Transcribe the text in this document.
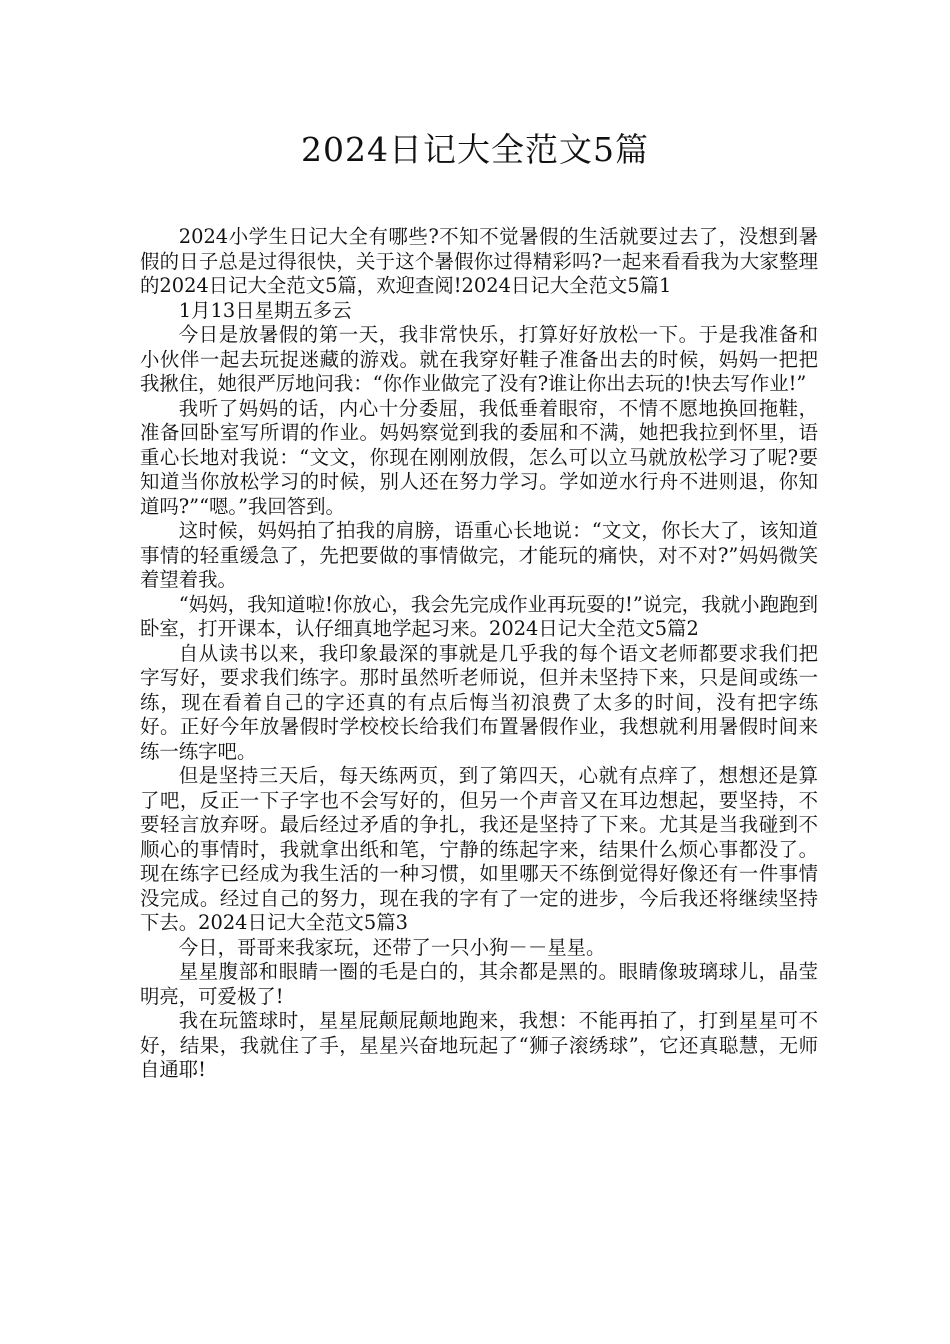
2024日记大全范文5篇

2024小学生日记大全有哪些?不知不觉暑假的生活就要过去了，没想到暑假的日子总是过得很快，关于这个暑假你过得精彩吗?一起来看看我为大家整理的2024日记大全范文5篇，欢迎查阅!2024日记大全范文5篇1

1月13日星期五多云

今日是放暑假的第一天，我非常快乐，打算好好放松一下。于是我准备和小伙伴一起去玩捉迷藏的游戏。就在我穿好鞋子准备出去的时候，妈妈一把把我揪住，她很严厉地问我：“你作业做完了没有?谁让你出去玩的!快去写作业!”

我听了妈妈的话，内心十分委屈，我低垂着眼帘，不情不愿地换回拖鞋，准备回卧室写所谓的作业。妈妈察觉到我的委屈和不满，她把我拉到怀里，语重心长地对我说：“文文，你现在刚刚放假，怎么可以立马就放松学习了呢?要知道当你放松学习的时候，别人还在努力学习。学如逆水行舟不进则退，你知道吗?”“嗯。”我回答到。

这时候，妈妈拍了拍我的肩膀，语重心长地说：“文文，你长大了，该知道事情的轻重缓急了，先把要做的事情做完，才能玩的痛快，对不对?”妈妈微笑着望着我。

“妈妈，我知道啦!你放心，我会先完成作业再玩耍的!”说完，我就小跑跑到卧室，打开课本，认仔细真地学起习来。2024日记大全范文5篇2

自从读书以来，我印象最深的事就是几乎我的每个语文老师都要求我们把字写好，要求我们练字。那时虽然听老师说，但并未坚持下来，只是间或练一练，现在看着自己的字还真的有点后悔当初浪费了太多的时间，没有把字练好。正好今年放暑假时学校校长给我们布置暑假作业，我想就利用暑假时间来练一练字吧。

但是坚持三天后，每天练两页，到了第四天，心就有点痒了，想想还是算了吧，反正一下子字也不会写好的，但另一个声音又在耳边想起，要坚持，不要轻言放弃呀。最后经过矛盾的争扎，我还是坚持了下来。尤其是当我碰到不顺心的事情时，我就拿出纸和笔，宁静的练起字来，结果什么烦心事都没了。现在练字已经成为我生活的一种习惯，如里哪天不练倒觉得好像还有一件事情没完成。经过自己的努力，现在我的字有了一定的进步，今后我还将继续坚持下去。2024日记大全范文5篇3

今日，哥哥来我家玩，还带了一只小狗－－星星。

星星腹部和眼睛一圈的毛是白的，其余都是黑的。眼睛像玻璃球儿，晶莹明亮，可爱极了!

我在玩篮球时，星星屁颠屁颠地跑来，我想：不能再拍了，打到星星可不好，结果，我就住了手，星星兴奋地玩起了“狮子滚绣球”，它还真聪慧，无师自通耶!
